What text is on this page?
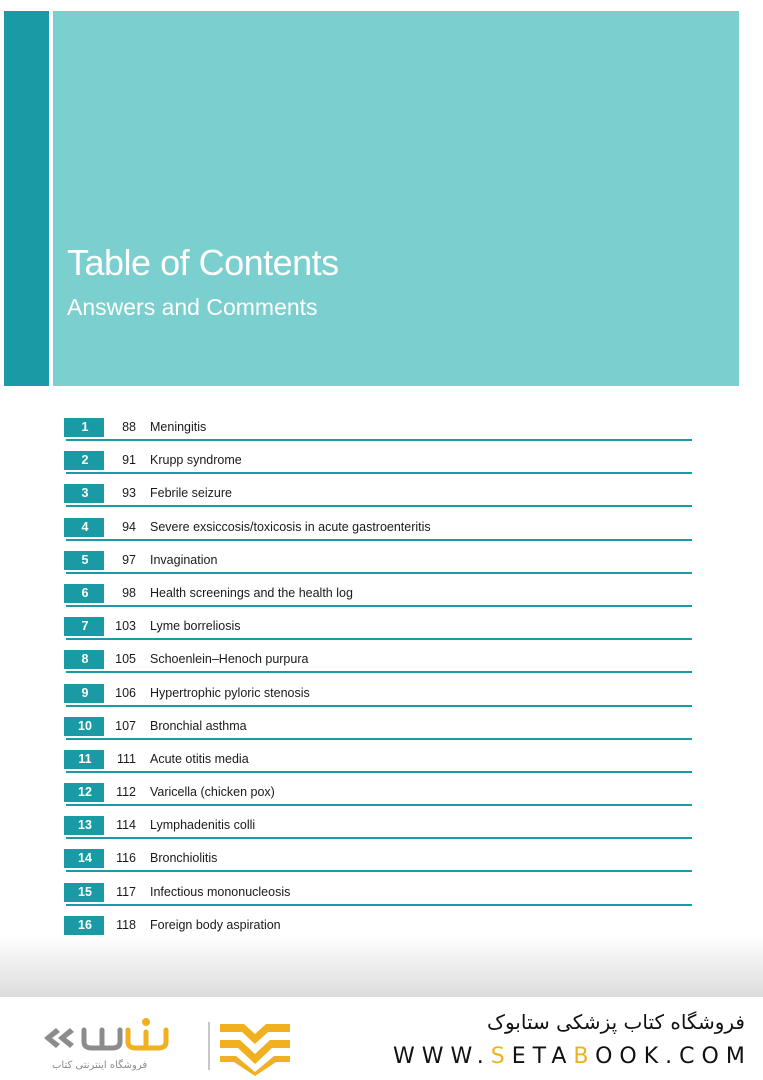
Table of Contents
Answers and Comments
1	88 Meningitis
2	91 Krupp syndrome
3	93 Febrile seizure
4	94 Severe exsiccosis/toxicosis in acute gastroenteritis
5	97 Invagination
6	98 Health screenings and the health log
7	103 Lyme borreliosis
8	105 Schoenlein–Henoch purpura
9	106 Hypertrophic pyloric stenosis
10	107 Bronchial asthma
11	111 Acute otitis media
12	112 Varicella (chicken pox)
13	114 Lymphadenitis colli
14	116 Bronchiolitis
15	117 Infectious mononucleosis
16	118 Foreign body aspiration
فروشگاه اینترنتی کتاب
فروشگاه کتاب پزشکی ستابوک
WWW.SETABOOK.COM
